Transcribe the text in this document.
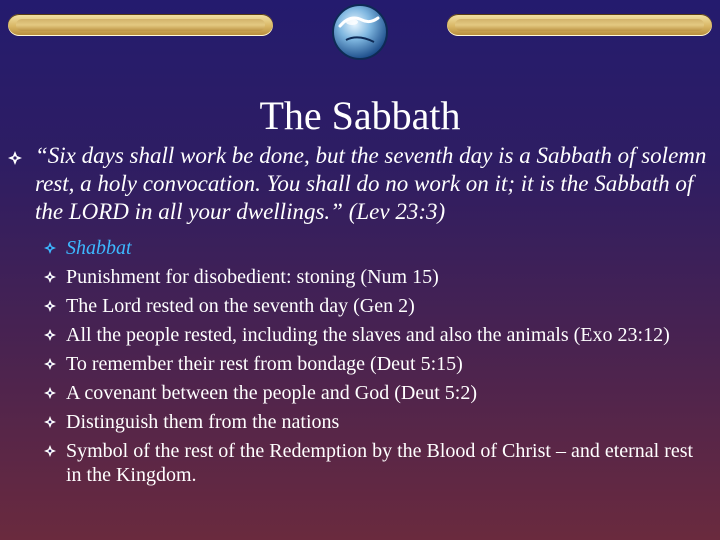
The Sabbath
“Six days shall work be done, but the seventh day is a Sabbath of solemn rest, a holy convocation. You shall do no work on it; it is the Sabbath of the LORD in all your dwellings.” (Lev 23:3)
Shabbat
Punishment for disobedient: stoning (Num 15)
The Lord rested on the seventh day (Gen 2)
All the people rested, including the slaves and also the animals (Exo 23:12)
To remember their rest from bondage (Deut 5:15)
A covenant between the people and God (Deut 5:2)
Distinguish them from the nations
Symbol of the rest of the Redemption by the Blood of Christ – and eternal rest in the Kingdom.
